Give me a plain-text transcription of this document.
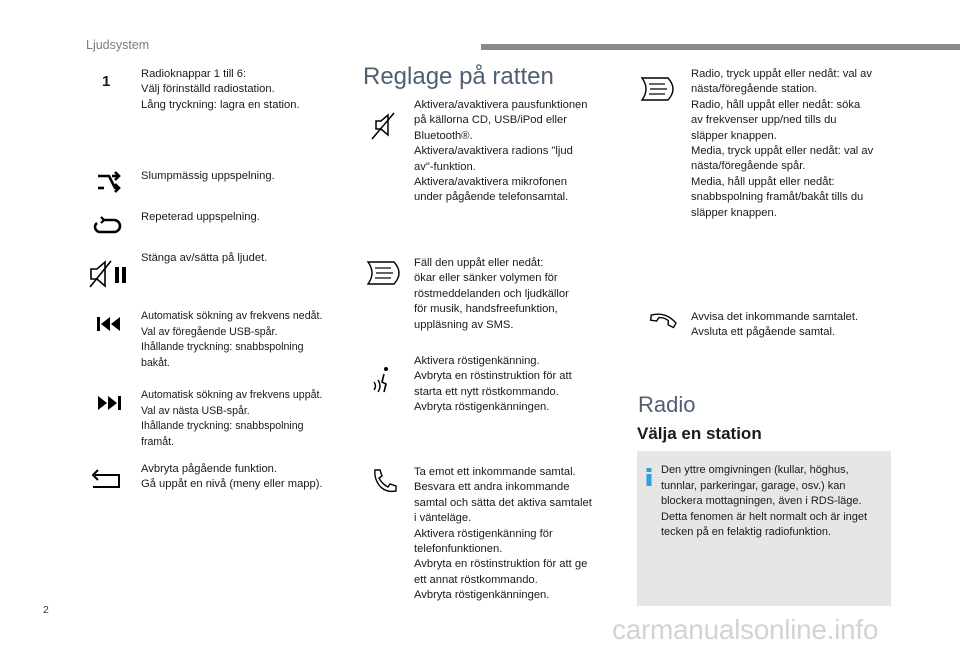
Ljudsystem
1	Radioknappar 1 till 6:
Välj förinställd radiostation.
Lång tryckning: lagra en station.
Slumpmässig uppspelning.
Repeterad uppspelning.
Stänga av/sätta på ljudet.
Automatisk sökning av frekvens nedåt.
Val av föregående USB-spår.
Ihållande tryckning: snabbspolning
bakåt.
Automatisk sökning av frekvens uppåt.
Val av nästa USB-spår.
Ihållande tryckning: snabbspolning
framåt.
Avbryta pågående funktion.
Gå uppåt en nivå (meny eller mapp).
Reglage på ratten
Aktivera/avaktivera pausfunktionen
på källorna CD, USB/iPod eller
Bluetooth®.
Aktivera/avaktivera radions "ljud
av"-funktion.
Aktivera/avaktivera mikrofonen
under pågående telefonsamtal.
Fäll den uppåt eller nedåt:
ökar eller sänker volymen för
röstmeddelanden och ljudkällor
för musik, handsfreefunktion,
uppläsning av SMS.
Aktivera röstigenkänning.
Avbryta en röstinstruktion för att
starta ett nytt röstkommando.
Avbryta röstigenkänningen.
Ta emot ett inkommande samtal.
Besvara ett andra inkommande
samtal och sätta det aktiva samtalet
i vänteläge.
Aktivera röstigenkänning för
telefonfunktionen.
Avbryta en röstinstruktion för att ge
ett annat röstkommando.
Avbryta röstigenkänningen.
Radio, tryck uppåt eller nedåt: val av
nästa/föregående station.
Radio, håll uppåt eller nedåt: söka
av frekvenser upp/ned tills du
släpper knappen.
Media, tryck uppåt eller nedåt: val av
nästa/föregående spår.
Media, håll uppåt eller nedåt:
snabbspolning framåt/bakåt tills du
släpper knappen.
Avvisa det inkommande samtalet.
Avsluta ett pågående samtal.
Radio
Välja en station
Den yttre omgivningen (kullar, höghus,
tunnlar, parkeringar, garage, osv.) kan
blockera mottagningen, även i RDS-läge.
Detta fenomen är helt normalt och är inget
tecken på en felaktig radiofunktion.
2
carmanualsonline.info
